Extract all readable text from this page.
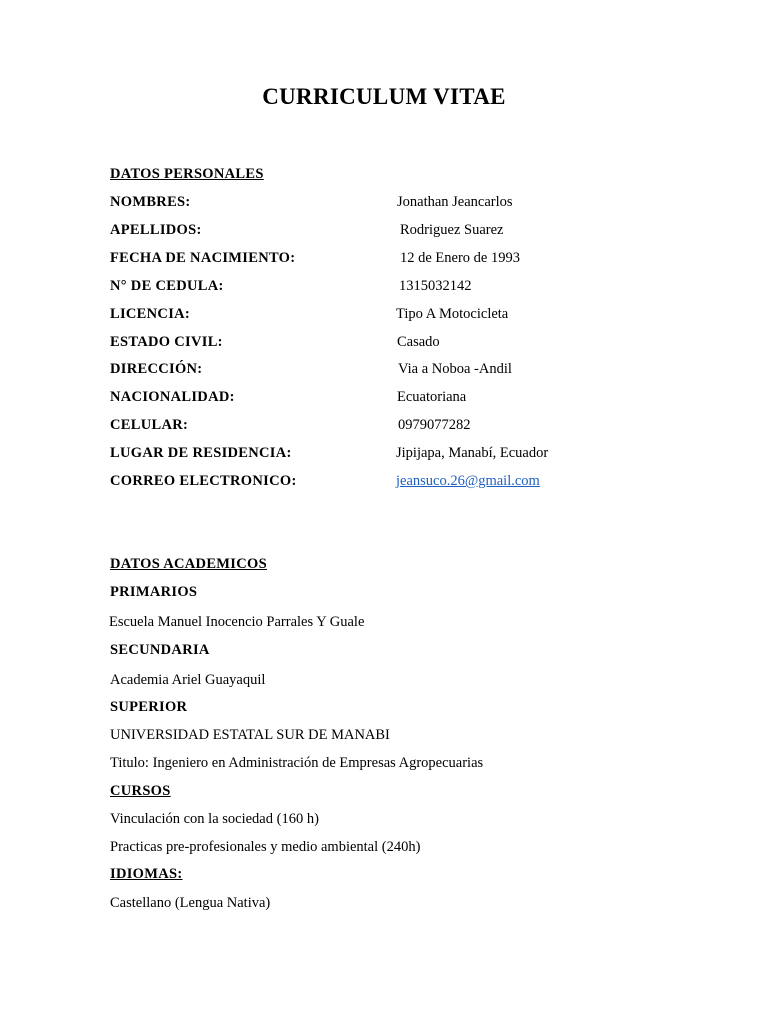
CURRICULUM VITAE
DATOS PERSONALES
NOMBRES:	Jonathan Jeancarlos
APELLIDOS:	Rodriguez Suarez
FECHA DE NACIMIENTO:	12 de Enero de 1993
N° DE CEDULA:	1315032142
LICENCIA:	Tipo A Motocicleta
ESTADO CIVIL:	Casado
DIRECCIÓN:	Via a Noboa -Andil
NACIONALIDAD:	Ecuatoriana
CELULAR:	0979077282
LUGAR DE RESIDENCIA:	Jipijapa, Manabí, Ecuador
CORREO ELECTRONICO:	jeansuco.26@gmail.com
DATOS ACADEMICOS
PRIMARIOS
Escuela Manuel Inocencio Parrales Y Guale
SECUNDARIA
Academia Ariel Guayaquil
SUPERIOR
UNIVERSIDAD ESTATAL SUR DE MANABI
Titulo: Ingeniero en Administración de Empresas Agropecuarias
CURSOS
Vinculación con la sociedad (160 h)
Practicas pre-profesionales y medio ambiental (240h)
IDIOMAS:
Castellano (Lengua Nativa)
